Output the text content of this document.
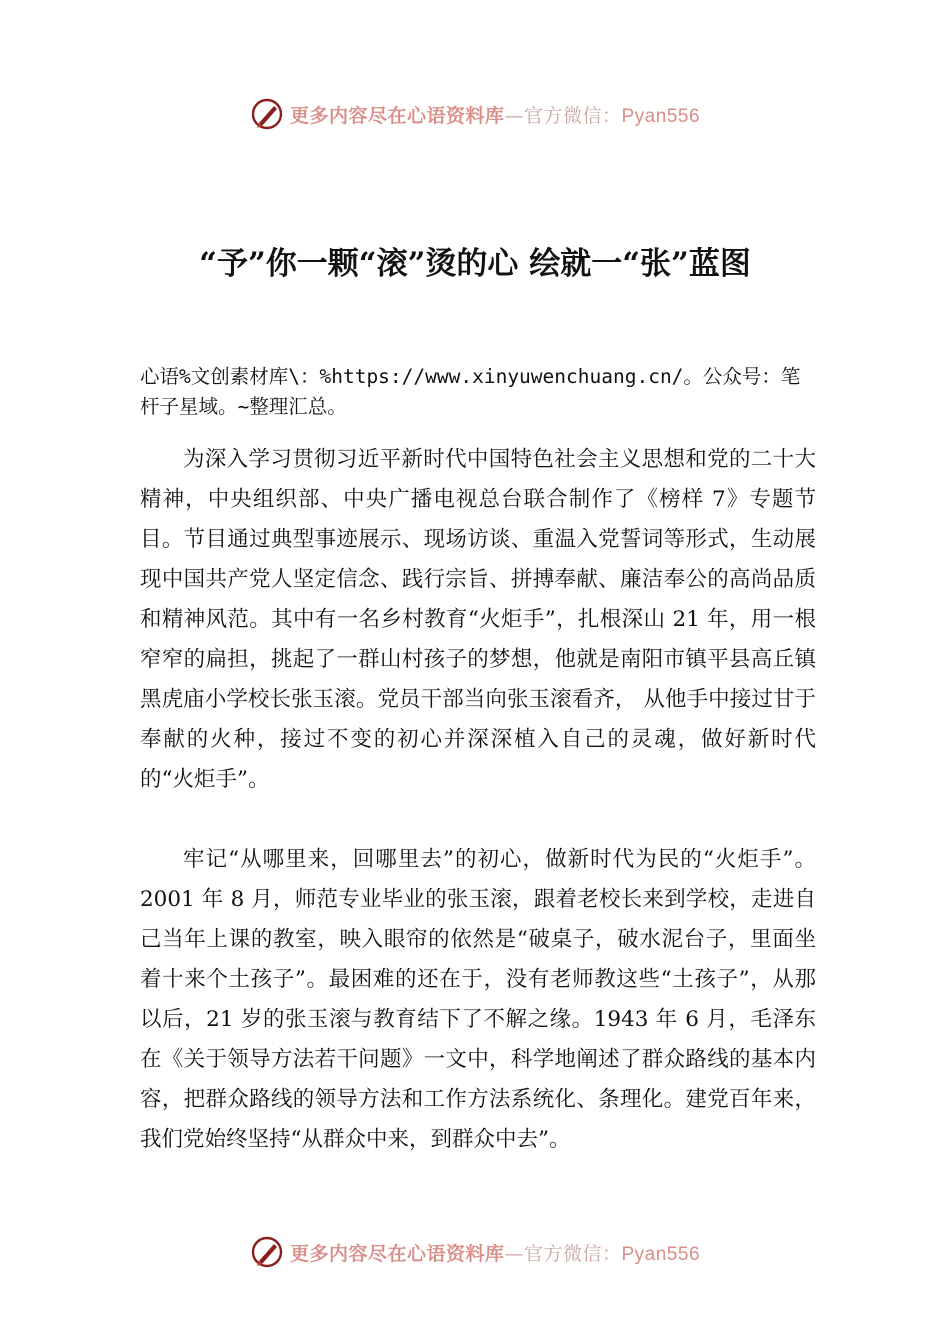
更多内容尽在心语资料库—官方微信：Pyan556
“予”你一颗“滚”烫的心 绘就一“张”蓝图
心语%文创素材库\：%https://www.xinyuwenchuang.cn/。公众号：笔杆子星域。~整理汇总。

为深入学习贯彻习近平新时代中国特色社会主义思想和党的二十大精神，中央组织部、中央广播电视总台联合制作了《榜样 7》专题节目。节目通过典型事迹展示、现场访谈、重温入党誓词等形式，生动展现中国共产党人坚定信念、践行宗旨、拼搏奉献、廉洁奉公的高尚品质和精神风范。其中有一名乡村教育“火炬手”，扎根深山 21 年，用一根窄窄的扁担，挑起了一群山村孩子的梦想，他就是南阳市镇平县高丘镇黑虎庙小学校长张玉滚。党员干部当向张玉滚看齐， 从他手中接过甘于奉献的火种，接过不变的初心并深深植入自己的灵魂，做好新时代的“火炬手”。

牢记“从哪里来，回哪里去”的初心，做新时代为民的“火炬手”。2001 年 8 月，师范专业毕业的张玉滚，跟着老校长来到学校，走进自己当年上课的教室，映入眼帘的依然是“破桌子，破水泥台子，里面坐着十来个土孩子”。最困难的还在于，没有老师教这些“土孩子”，从那以后，21 岁的张玉滚与教育结下了不解之缘。1943 年 6 月，毛泽东在《关于领导方法若干问题》一文中，科学地阐述了群众路线的基本内容，把群众路线的领导方法和工作方法系统化、条理化。建党百年来，我们党始终坚持“从群众中来，到群众中去”。

更多内容尽在心语资料库—官方微信：Pyan556
